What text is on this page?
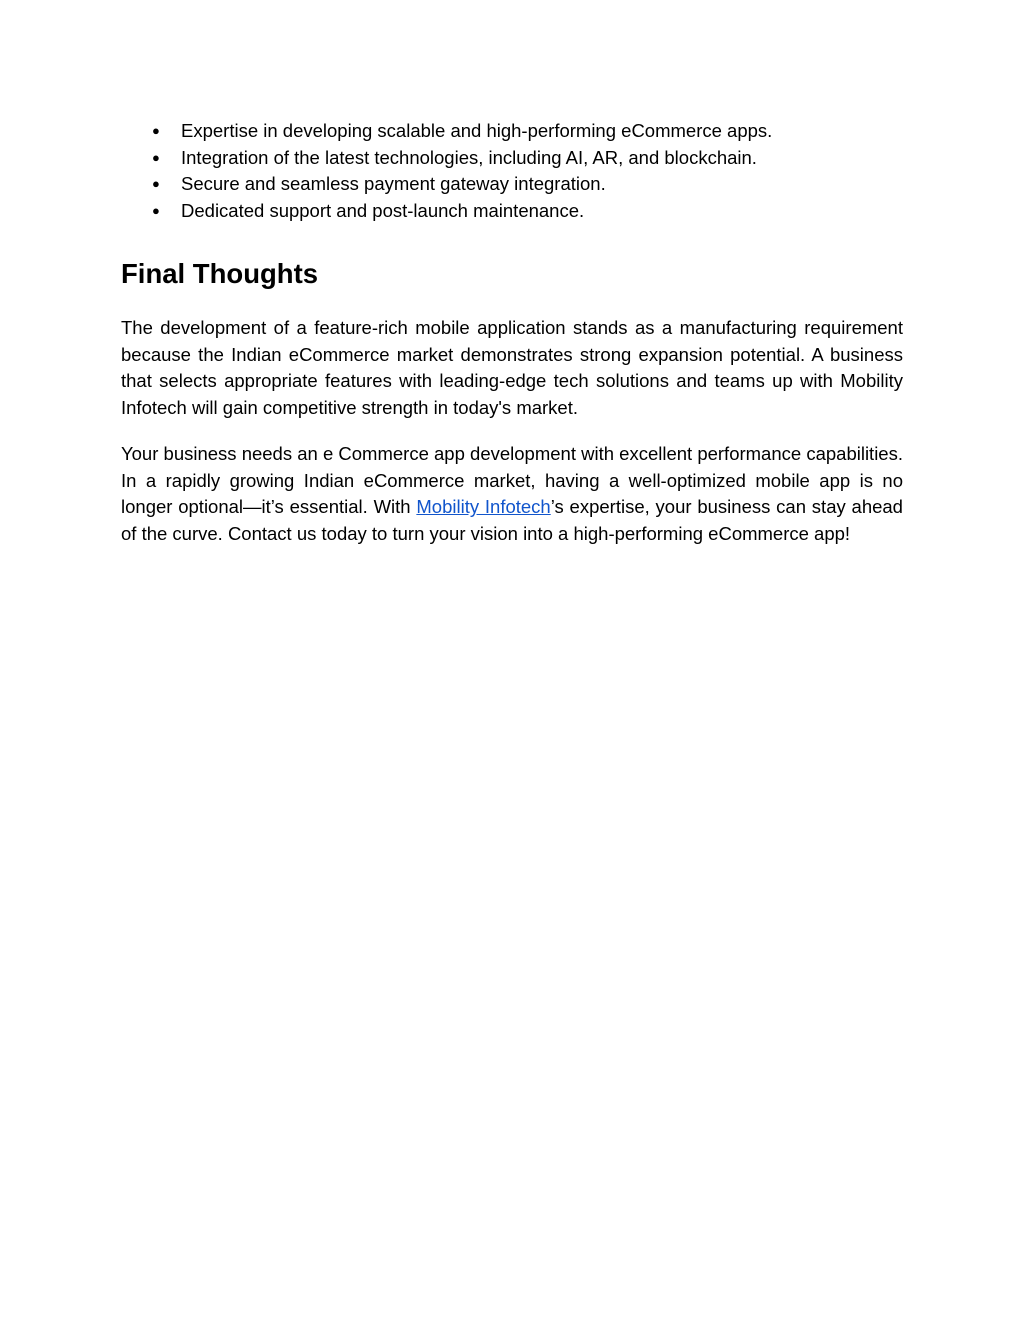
● Expertise in developing scalable and high-performing eCommerce apps.
● Integration of the latest technologies, including AI, AR, and blockchain.
● Secure and seamless payment gateway integration.
● Dedicated support and post-launch maintenance.
Final Thoughts

The development of a feature-rich mobile application stands as a manufacturing requirement because the Indian eCommerce market demonstrates strong expansion potential. A business that selects appropriate features with leading-edge tech solutions and teams up with Mobility Infotech will gain competitive strength in today's market.

Your business needs an e Commerce app development with excellent performance capabilities. In a rapidly growing Indian eCommerce market, having a well-optimized mobile app is no longer optional—it’s essential. With Mobility Infotech’s expertise, your business can stay ahead of the curve. Contact us today to turn your vision into a high-performing eCommerce app!
